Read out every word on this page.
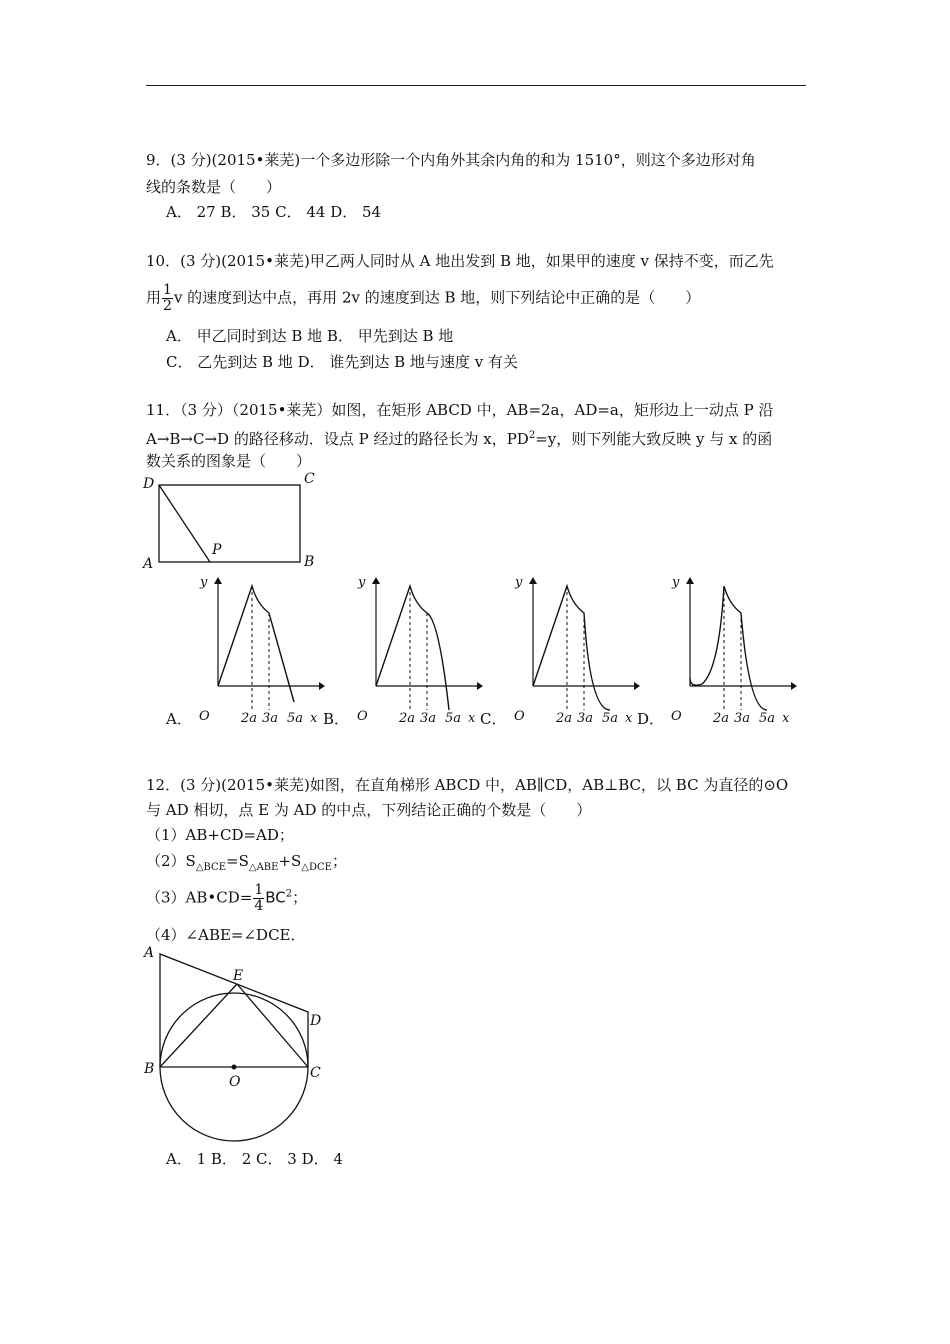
9．(3 分)(2015•莱芜)一个多边形除一个内角外其余内角的和为 1510°，则这个多边形对角
线的条数是（　　）
A． 27 B． 35 C． 44 D． 54
10．(3 分)(2015•莱芜)甲乙两人同时从 A 地出发到 B 地，如果甲的速度 v 保持不变，而乙先
用 $\frac{1}{2}$ v 的速度到达中点，再用 2v 的速度到达 B 地，则下列结论中正确的是（　　）
A． 甲乙同时到达 B 地 B． 甲先到达 B 地
C． 乙先到达 B 地 D． 谁先到达 B 地与速度 v 有关
11．（3 分）（2015•莱芜）如图，在矩形 ABCD 中，AB=2a，AD=a，矩形边上一动点 P 沿
A→B→C→D 的路径移动．设点 P 经过的路径长为 x，$PD^2=y$，则下列能大致反映 y 与 x 的函
数关系的图象是（　　）
D	C
A	B
P
A．	B．	C．	D．
y
O 2a 3a 5a x
y
O 2a 3a 5a x
y
O 2a 3a 5a x
y
O 2a 3a 5a x
12．(3 分)(2015•莱芜)如图，在直角梯形 ABCD 中，AB∥CD，AB⊥BC，以 BC 为直径的⊙O
与 AD 相切，点 E 为 AD 的中点，下列结论正确的个数是（　　）
（1）AB+CD=AD；
$(2)S_{\triangle BCE}=S_{\triangle ABE}+S_{\triangle DCE}$；
（3）AB•CD= $\frac{1}{4} BC^2$；
（4）∠ABE=∠DCE．
A
E
D
B
O
C
A． 1 B． 2 C． 3 D． 4
